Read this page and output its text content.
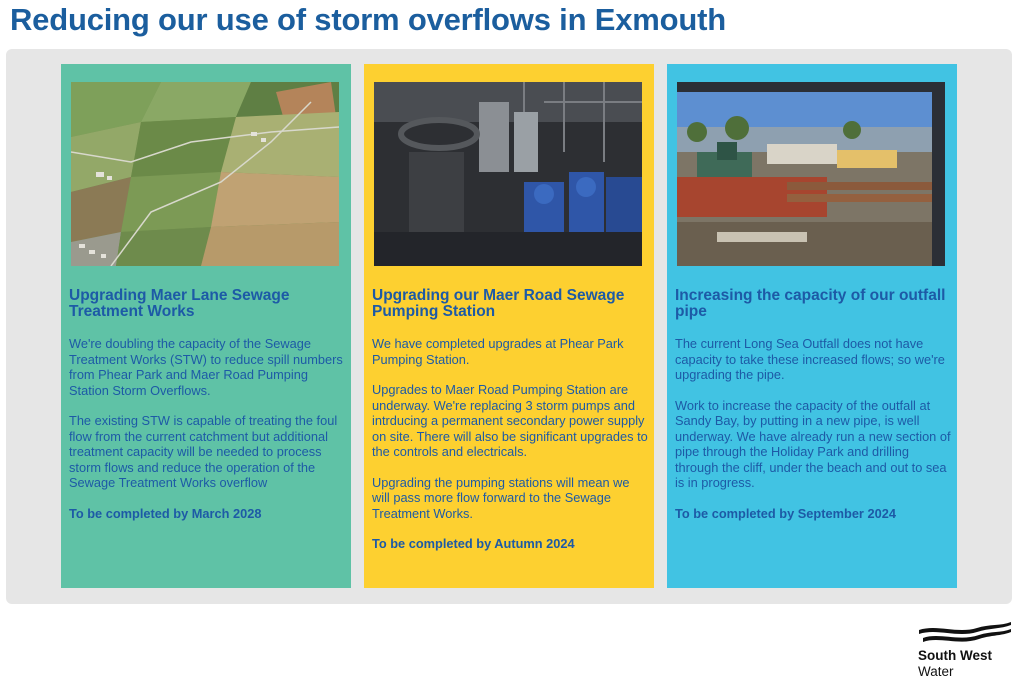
Reducing our use of storm overflows in Exmouth
Upgrading Maer Lane Sewage Treatment Works

We're doubling the capacity of the Sewage Treatment Works (STW) to reduce spill numbers from Phear Park and Maer Road Pumping Station Storm Overflows.

The existing STW is capable of treating the foul flow from the current catchment but additional treatment capacity will be needed to process storm flows and reduce the operation of the Sewage Treatment Works overflow

To be completed by March 2028

Upgrading our Maer Road Sewage Pumping Station

We have completed upgrades at Phear Park Pumping Station.

Upgrades to Maer Road Pumping Station are underway. We're replacing 3 storm pumps and intrducing a permanent secondary power supply on site. There will also be significant upgrades to the controls and electricals.

Upgrading the pumping stations will mean we will pass more flow forward to the Sewage Treatment Works.

To be completed by Autumn 2024

Increasing the capacity of our outfall pipe

The current Long Sea Outfall does not have capacity to take these increased flows; so we're upgrading the pipe.

Work to increase the capacity of the outfall at Sandy Bay, by putting in a new pipe, is well underway. We have already run a new section of pipe through the Holiday Park and drilling through the cliff, under the beach and out to sea is in progress.

To be completed by September 2024

South West
Water
